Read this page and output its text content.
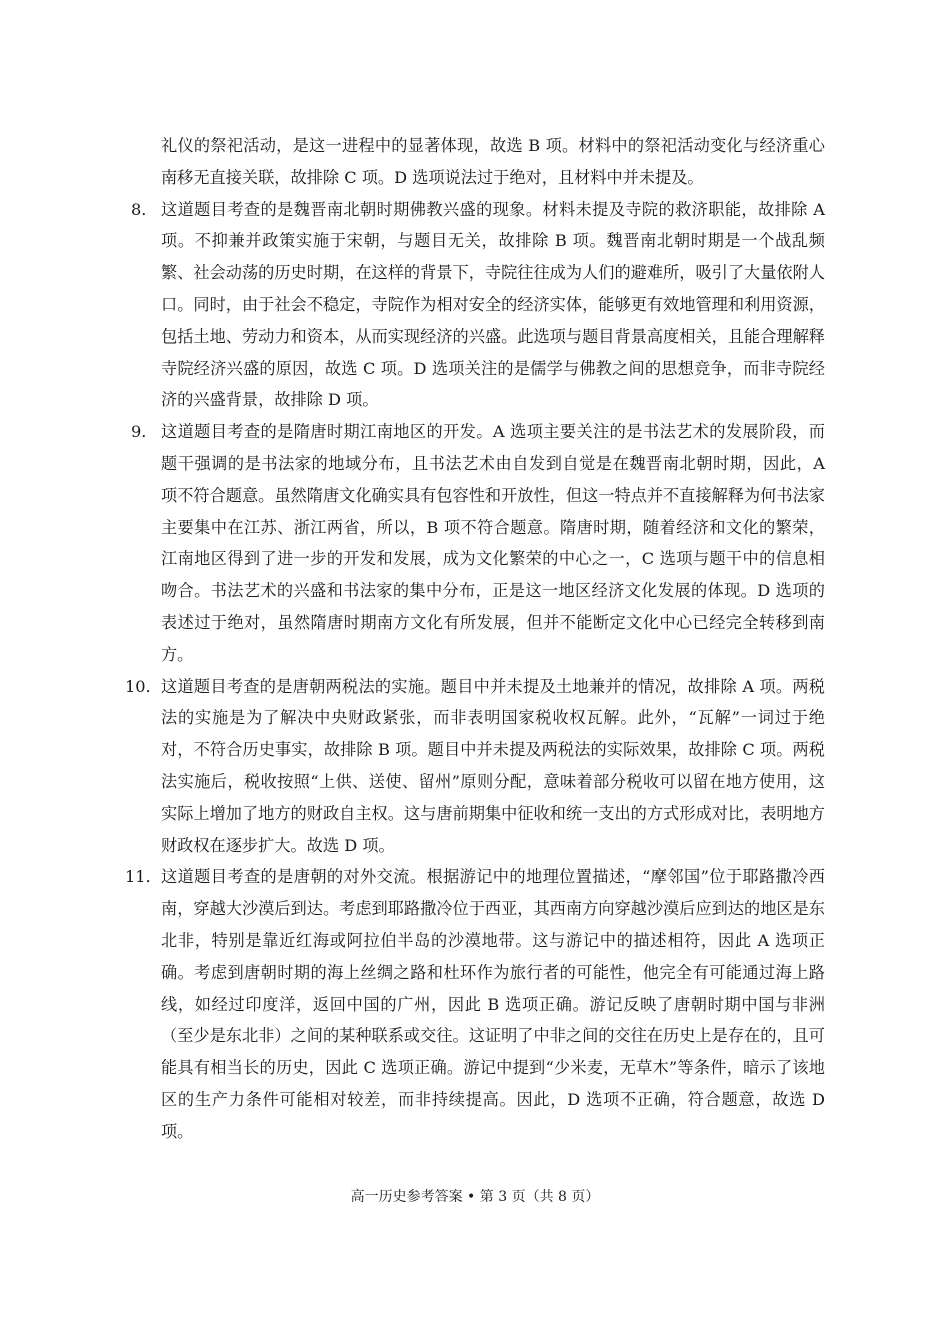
礼仪的祭祀活动，是这一进程中的显著体现，故选 B 项。材料中的祭祀活动变化与经济重心南移无直接关联，故排除 C 项。D 选项说法过于绝对，且材料中并未提及。

8． 这道题目考查的是魏晋南北朝时期佛教兴盛的现象。材料未提及寺院的救济职能，故排除 A 项。不抑兼并政策实施于宋朝，与题目无关，故排除 B 项。魏晋南北朝时期是一个战乱频繁、社会动荡的历史时期，在这样的背景下，寺院往往成为人们的避难所，吸引了大量依附人口。同时，由于社会不稳定，寺院作为相对安全的经济实体，能够更有效地管理和利用资源，包括土地、劳动力和资本，从而实现经济的兴盛。此选项与题目背景高度相关，且能合理解释寺院经济兴盛的原因，故选 C 项。D 选项关注的是儒学与佛教之间的思想竞争，而非寺院经济的兴盛背景，故排除 D 项。
9． 这道题目考查的是隋唐时期江南地区的开发。A 选项主要关注的是书法艺术的发展阶段，而题干强调的是书法家的地域分布，且书法艺术由自发到自觉是在魏晋南北朝时期，因此，A 项不符合题意。虽然隋唐文化确实具有包容性和开放性，但这一特点并不直接解释为何书法家主要集中在江苏、浙江两省，所以，B 项不符合题意。隋唐时期，随着经济和文化的繁荣，江南地区得到了进一步的开发和发展，成为文化繁荣的中心之一，C 选项与题干中的信息相吻合。书法艺术的兴盛和书法家的集中分布，正是这一地区经济文化发展的体现。D 选项的表述过于绝对，虽然隋唐时期南方文化有所发展，但并不能断定文化中心已经完全转移到南方。
10． 这道题目考查的是唐朝两税法的实施。题目中并未提及土地兼并的情况，故排除 A 项。两税法的实施是为了解决中央财政紧张，而非表明国家税收权瓦解。此外，“瓦解”一词过于绝对，不符合历史事实，故排除 B 项。题目中并未提及两税法的实际效果，故排除 C 项。两税法实施后，税收按照“上供、送使、留州”原则分配，意味着部分税收可以留在地方使用，这实际上增加了地方的财政自主权。这与唐前期集中征收和统一支出的方式形成对比，表明地方财政权在逐步扩大。故选 D 项。
11． 这道题目考查的是唐朝的对外交流。根据游记中的地理位置描述，“摩邻国”位于耶路撒冷西南，穿越大沙漠后到达。考虑到耶路撒冷位于西亚，其西南方向穿越沙漠后应到达的地区是东北非，特别是靠近红海或阿拉伯半岛的沙漠地带。这与游记中的描述相符，因此 A 选项正确。考虑到唐朝时期的海上丝绸之路和杜环作为旅行者的可能性，他完全有可能通过海上路线，如经过印度洋，返回中国的广州，因此 B 选项正确。游记反映了唐朝时期中国与非洲（至少是东北非）之间的某种联系或交往。这证明了中非之间的交往在历史上是存在的，且可能具有相当长的历史，因此 C 选项正确。游记中提到“少米麦，无草木”等条件，暗示了该地区的生产力条件可能相对较差，而非持续提高。因此，D 选项不正确，符合题意，故选 D 项。
高一历史参考答案 • 第 3 页（共 8 页）
